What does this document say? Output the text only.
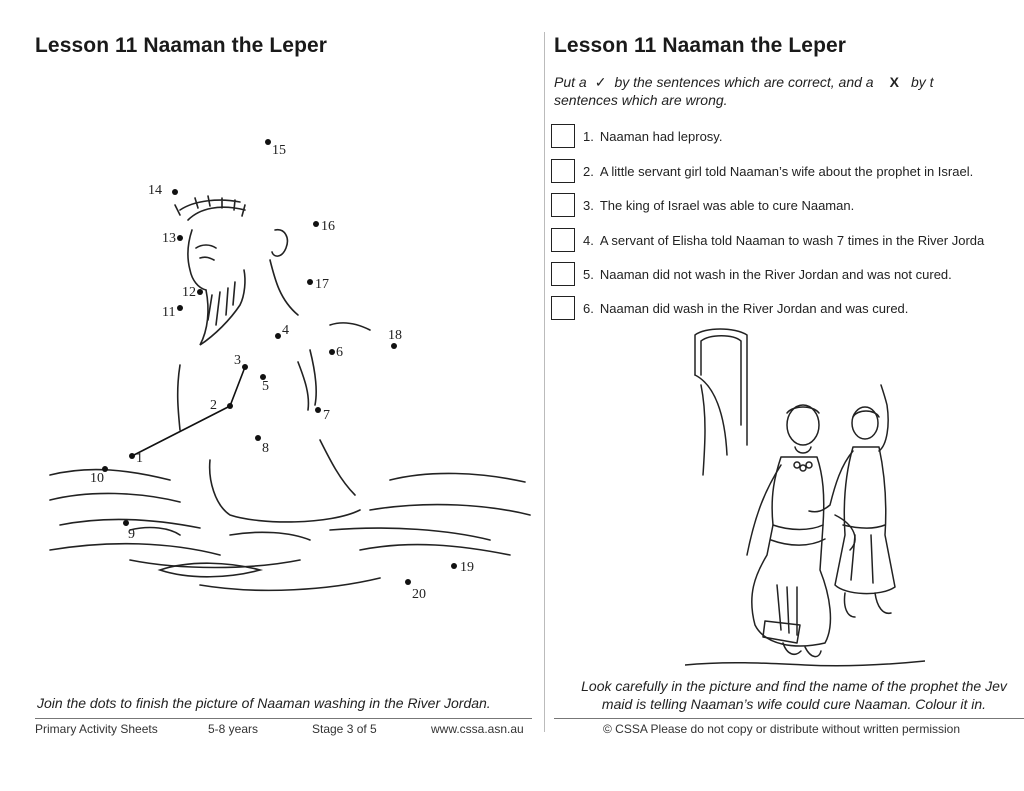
Lesson 11 Naaman the Leper
1
2
3
4
5
6
7
8
9
10
11
12
13
14
15
16
17
18
19
20
Join the dots to finish the picture of Naaman washing in the River Jordan.
Primary Activity Sheets	5-8 years	Stage 3 of 5	www.cssa.asn.au
Lesson 11 Naaman the Leper
Put a ✓ by the sentences which are correct, and a X by t
sentences which are wrong.
1. Naaman had leprosy.
2. A little servant girl told Naaman’s wife about the prophet in Israel.
3. The king of Israel was able to cure Naaman.
4. A servant of Elisha told Naaman to wash 7 times in the River Jorda
5. Naaman did not wash in the River Jordan and was not cured.
6. Naaman did wash in the River Jordan and was cured.
Look carefully in the picture and find the name of the prophet the Jev
maid is telling Naaman’s wife could cure Naaman. Colour it in.
© CSSA Please do not copy or distribute without written permission
